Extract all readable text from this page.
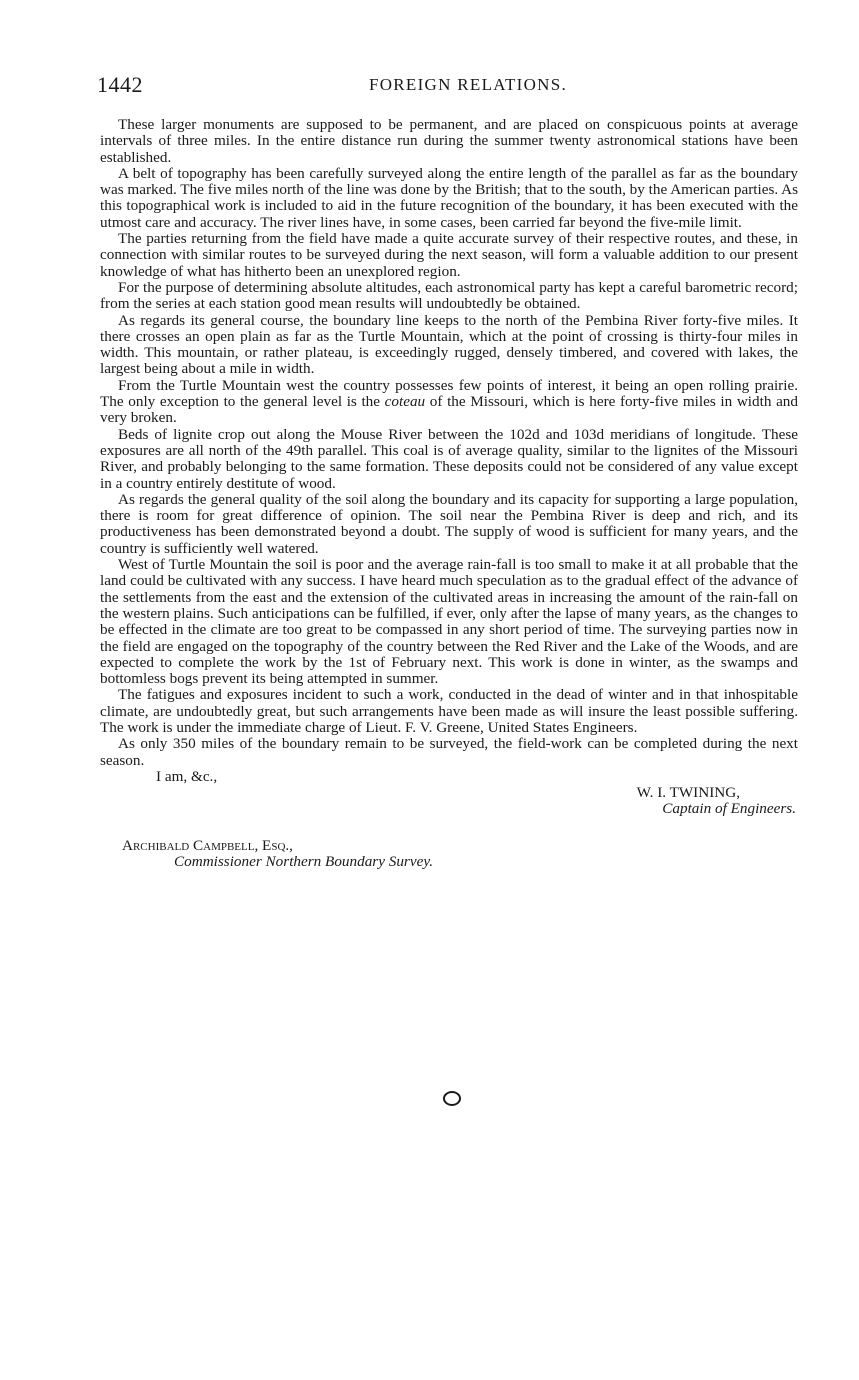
1442	FOREIGN RELATIONS.

These larger monuments are supposed to be permanent, and are placed on conspicuous points at average intervals of three miles. In the entire distance run during the summer twenty astronomical stations have been established.

A belt of topography has been carefully surveyed along the entire length of the parallel as far as the boundary was marked. The five miles north of the line was done by the British; that to the south, by the American parties. As this topographical work is included to aid in the future recognition of the boundary, it has been executed with the utmost care and accuracy. The river lines have, in some cases, been carried far beyond the five-mile limit.

The parties returning from the field have made a quite accurate survey of their respective routes, and these, in connection with similar routes to be surveyed during the next season, will form a valuable addition to our present knowledge of what has hitherto been an unexplored region.

For the purpose of determining absolute altitudes, each astronomical party has kept a careful barometric record; from the series at each station good mean results will undoubtedly be obtained.

As regards its general course, the boundary line keeps to the north of the Pembina River forty-five miles. It there crosses an open plain as far as the Turtle Mountain, which at the point of crossing is thirty-four miles in width. This mountain, or rather plateau, is exceedingly rugged, densely timbered, and covered with lakes, the largest being about a mile in width.

From the Turtle Mountain west the country possesses few points of interest, it being an open rolling prairie. The only exception to the general level is the coteau of the Missouri, which is here forty-five miles in width and very broken.

Beds of lignite crop out along the Mouse River between the 102d and 103d meridians of longitude. These exposures are all north of the 49th parallel. This coal is of average quality, similar to the lignites of the Missouri River, and probably belonging to the same formation. These deposits could not be considered of any value except in a country entirely destitute of wood.

As regards the general quality of the soil along the boundary and its capacity for supporting a large population, there is room for great difference of opinion. The soil near the Pembina River is deep and rich, and its productiveness has been demonstrated beyond a doubt. The supply of wood is sufficient for many years, and the country is sufficiently well watered.

West of Turtle Mountain the soil is poor and the average rain-fall is too small to make it at all probable that the land could be cultivated with any success. I have heard much speculation as to the gradual effect of the advance of the settlements from the east and the extension of the cultivated areas in increasing the amount of the rain-fall on the western plains. Such anticipations can be fulfilled, if ever, only after the lapse of many years, as the changes to be effected in the climate are too great to be compassed in any short period of time. The surveying parties now in the field are engaged on the topography of the country between the Red River and the Lake of the Woods, and are expected to complete the work by the 1st of February next. This work is done in winter, as the swamps and bottomless bogs prevent its being attempted in summer.

The fatigues and exposures incident to such a work, conducted in the dead of winter and in that inhospitable climate, are undoubtedly great, but such arrangements have been made as will insure the least possible suffering. The work is under the immediate charge of Lieut. F. V. Greene, United States Engineers.

As only 350 miles of the boundary remain to be surveyed, the field-work can be completed during the next season.

I am, &c.,

W. I. TWINING,
Captain of Engineers.
Archibald Campbell, Esq.,
Commissioner Northern Boundary Survey.
